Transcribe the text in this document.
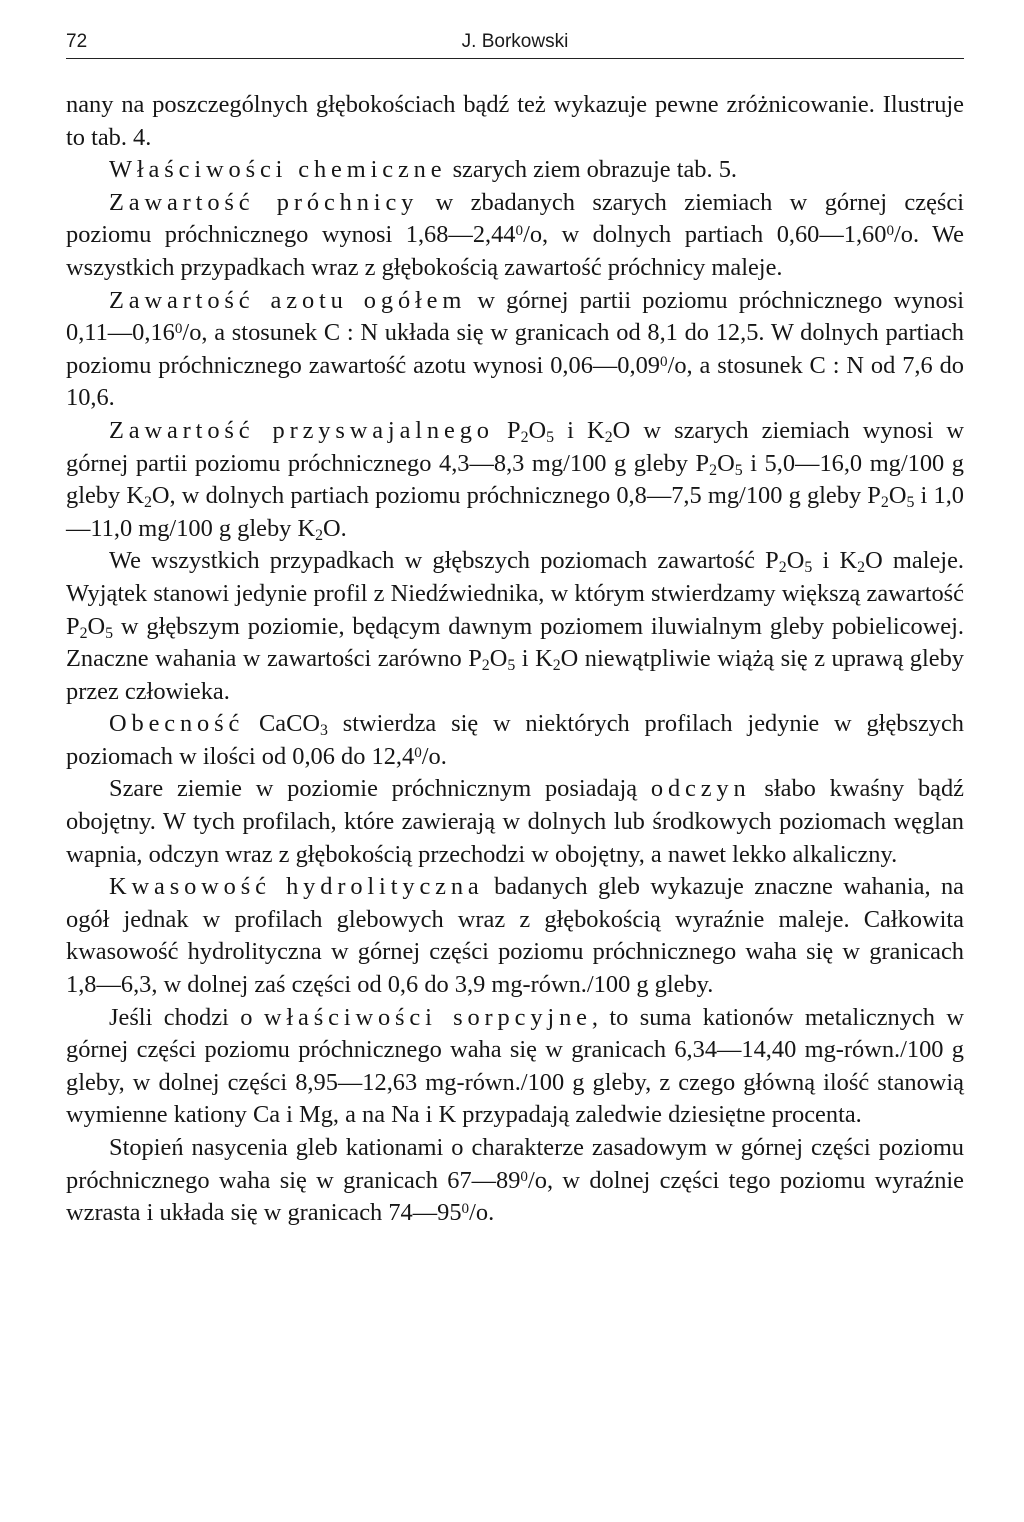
72	J. Borkowski

nany na poszczególnych głębokościach bądź też wykazuje pewne zróżnicowanie. Ilustruje to tab. 4.

Właściwości chemiczne szarych ziem obrazuje tab. 5.

Zawartość próchnicy w zbadanych szarych ziemiach w górnej części poziomu próchnicznego wynosi 1,68—2,44$^0$/o, w dolnych partiach 0,60—1,60$^0$/o. We wszystkich przypadkach wraz z głębokością zawartość próchnicy maleje.

Zawartość azotu ogółem w górnej partii poziomu próchnicznego wynosi 0,11—0,16$^0$/o, a stosunek C : N układa się w granicach od 8,1 do 12,5. W dolnych partiach poziomu próchnicznego zawartość azotu wynosi 0,06—0,09$^0$/o, a stosunek C : N od 7,6 do 10,6.

Zawartość przyswajalnego $P_2O_5$ i $K_2O$ w szarych ziemiach wynosi w górnej partii poziomu próchnicznego 4,3—8,3 mg/100 g gleby $P_2O_5$ i 5,0—16,0 mg/100 g gleby $K_2O$, w dolnych partiach poziomu próchnicznego 0,8—7,5 mg/100 g gleby $P_2O_5$ i 1,0—11,0 mg/100 g gleby $K_2O$.

We wszystkich przypadkach w głębszych poziomach zawartość $P_2O_5$ i $K_2O$ maleje. Wyjątek stanowi jedynie profil z Niedźwiednika, w którym stwierdzamy większą zawartość $P_2O_5$ w głębszym poziomie, będącym dawnym poziomem iluwialnym gleby pobielicowej. Znaczne wahania w zawartości zarówno $P_2O_5$ i $K_2O$ niewątpliwie wiążą się z uprawą gleby przez człowieka.

Obecność CaCO$_3$ stwierdza się w niektórych profilach jedynie w głębszych poziomach w ilości od 0,06 do 12,4$^0$/o.

Szare ziemie w poziomie próchnicznym posiadają odczyn słabo kwaśny bądź obojętny. W tych profilach, które zawierają w dolnych lub środkowych poziomach węglan wapnia, odczyn wraz z głębokością przechodzi w obojętny, a nawet lekko alkaliczny.

Kwasowość hydrolityczna badanych gleb wykazuje znaczne wahania, na ogół jednak w profilach glebowych wraz z głębokością wyraźnie maleje. Całkowita kwasowość hydrolityczna w górnej części poziomu próchnicznego waha się w granicach 1,8—6,3, w dolnej zaś części od 0,6 do 3,9 mg-równ./100 g gleby.

Jeśli chodzi o właściwości sorpcyjne, to suma kationów metalicznych w górnej części poziomu próchnicznego waha się w granicach 6,34—14,40 mg-równ./100 g gleby, w dolnej części 8,95—12,63 mg-równ./100 g gleby, z czego główną ilość stanowią wymienne kationy Ca i Mg, a na Na i K przypadają zaledwie dziesiętne procenta.

Stopień nasycenia gleb kationami o charakterze zasadowym w górnej części poziomu próchnicznego waha się w granicach $67—89^0/o$, w dolnej części tego poziomu wyraźnie wzrasta i układa się w granicach $74—95^0/o$.
